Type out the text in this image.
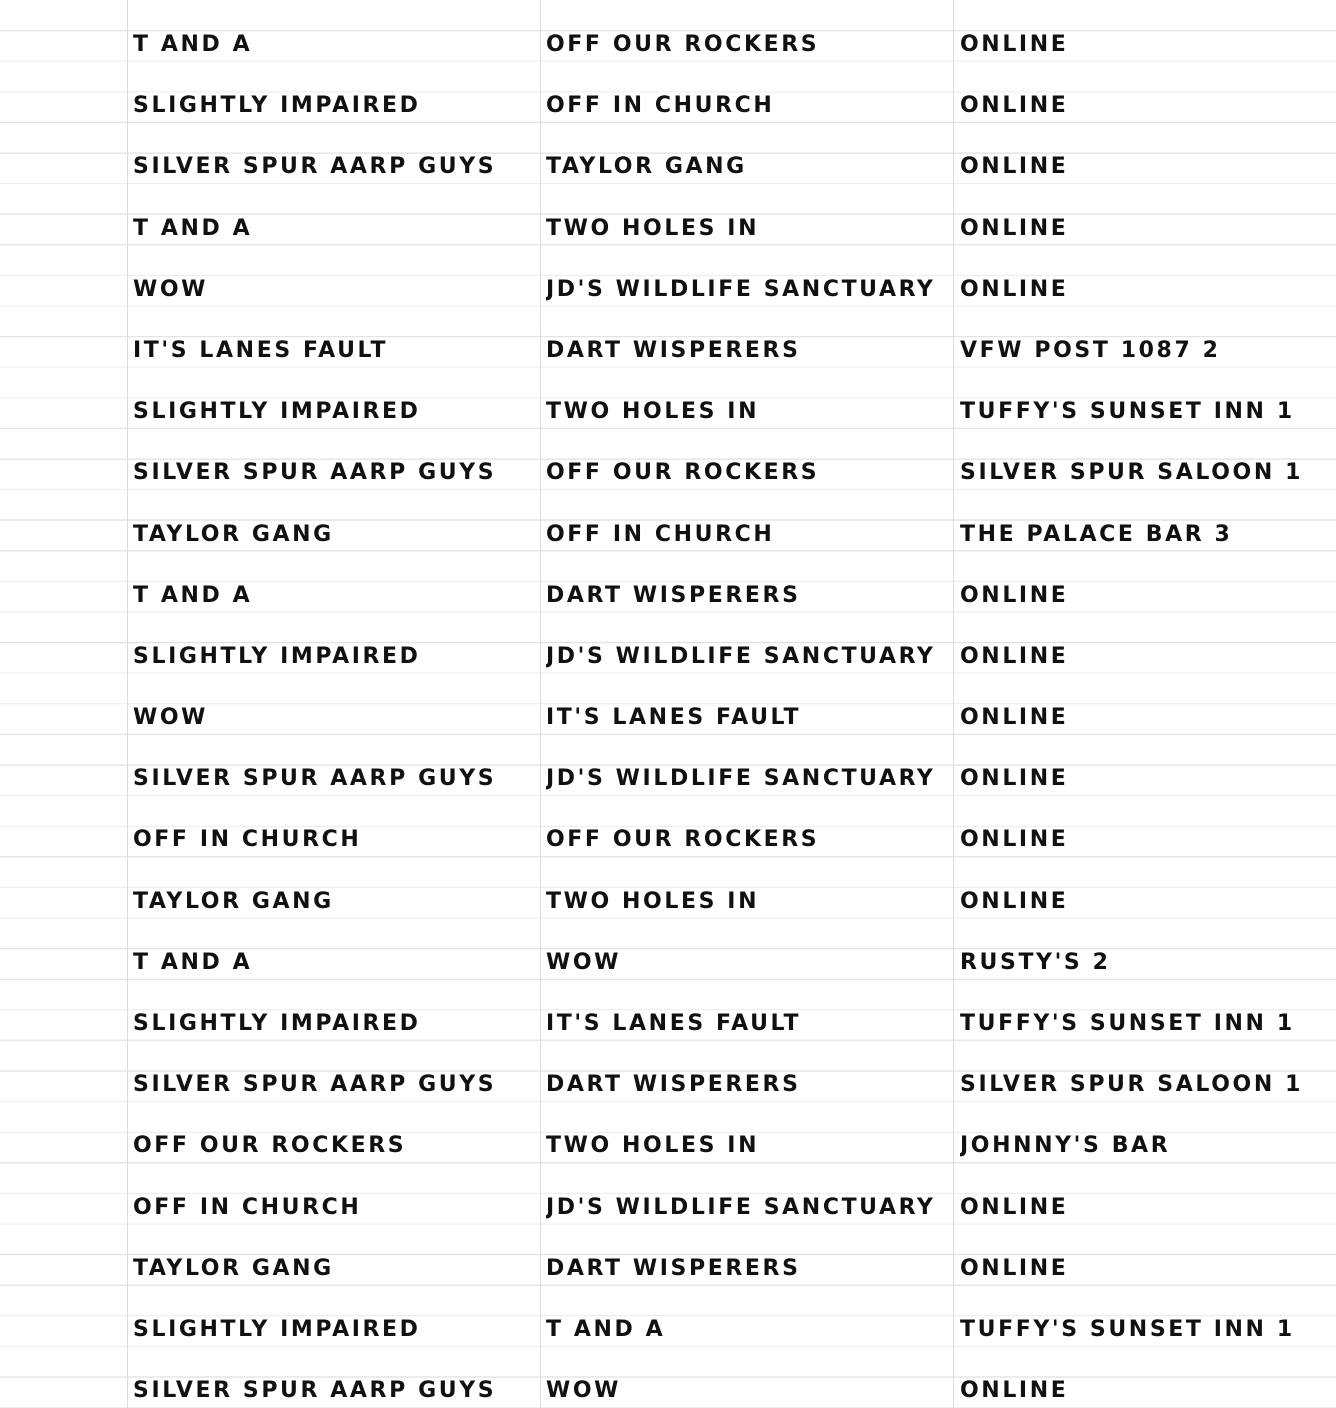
T AND A	OFF OUR ROCKERS	ONLINE
SLIGHTLY IMPAIRED	OFF IN CHURCH	ONLINE
SILVER SPUR AARP GUYS	TAYLOR GANG	ONLINE
T AND A	TWO HOLES IN	ONLINE
WOW	JD'S WILDLIFE SANCTUARY	ONLINE
IT'S LANES FAULT	DART WISPERERS	VFW POST 1087 2
SLIGHTLY IMPAIRED	TWO HOLES IN	TUFFY'S SUNSET INN 1
SILVER SPUR AARP GUYS	OFF OUR ROCKERS	SILVER SPUR SALOON 1
TAYLOR GANG	OFF IN CHURCH	THE PALACE BAR 3
T AND A	DART WISPERERS	ONLINE
SLIGHTLY IMPAIRED	JD'S WILDLIFE SANCTUARY	ONLINE
WOW	IT'S LANES FAULT	ONLINE
SILVER SPUR AARP GUYS	JD'S WILDLIFE SANCTUARY	ONLINE
OFF IN CHURCH	OFF OUR ROCKERS	ONLINE
TAYLOR GANG	TWO HOLES IN	ONLINE
T AND A	WOW	RUSTY'S 2
SLIGHTLY IMPAIRED	IT'S LANES FAULT	TUFFY'S SUNSET INN 1
SILVER SPUR AARP GUYS	DART WISPERERS	SILVER SPUR SALOON 1
OFF OUR ROCKERS	TWO HOLES IN	JOHNNY'S BAR
OFF IN CHURCH	JD'S WILDLIFE SANCTUARY	ONLINE
TAYLOR GANG	DART WISPERERS	ONLINE
SLIGHTLY IMPAIRED	T AND A	TUFFY'S SUNSET INN 1
SILVER SPUR AARP GUYS	WOW	ONLINE
